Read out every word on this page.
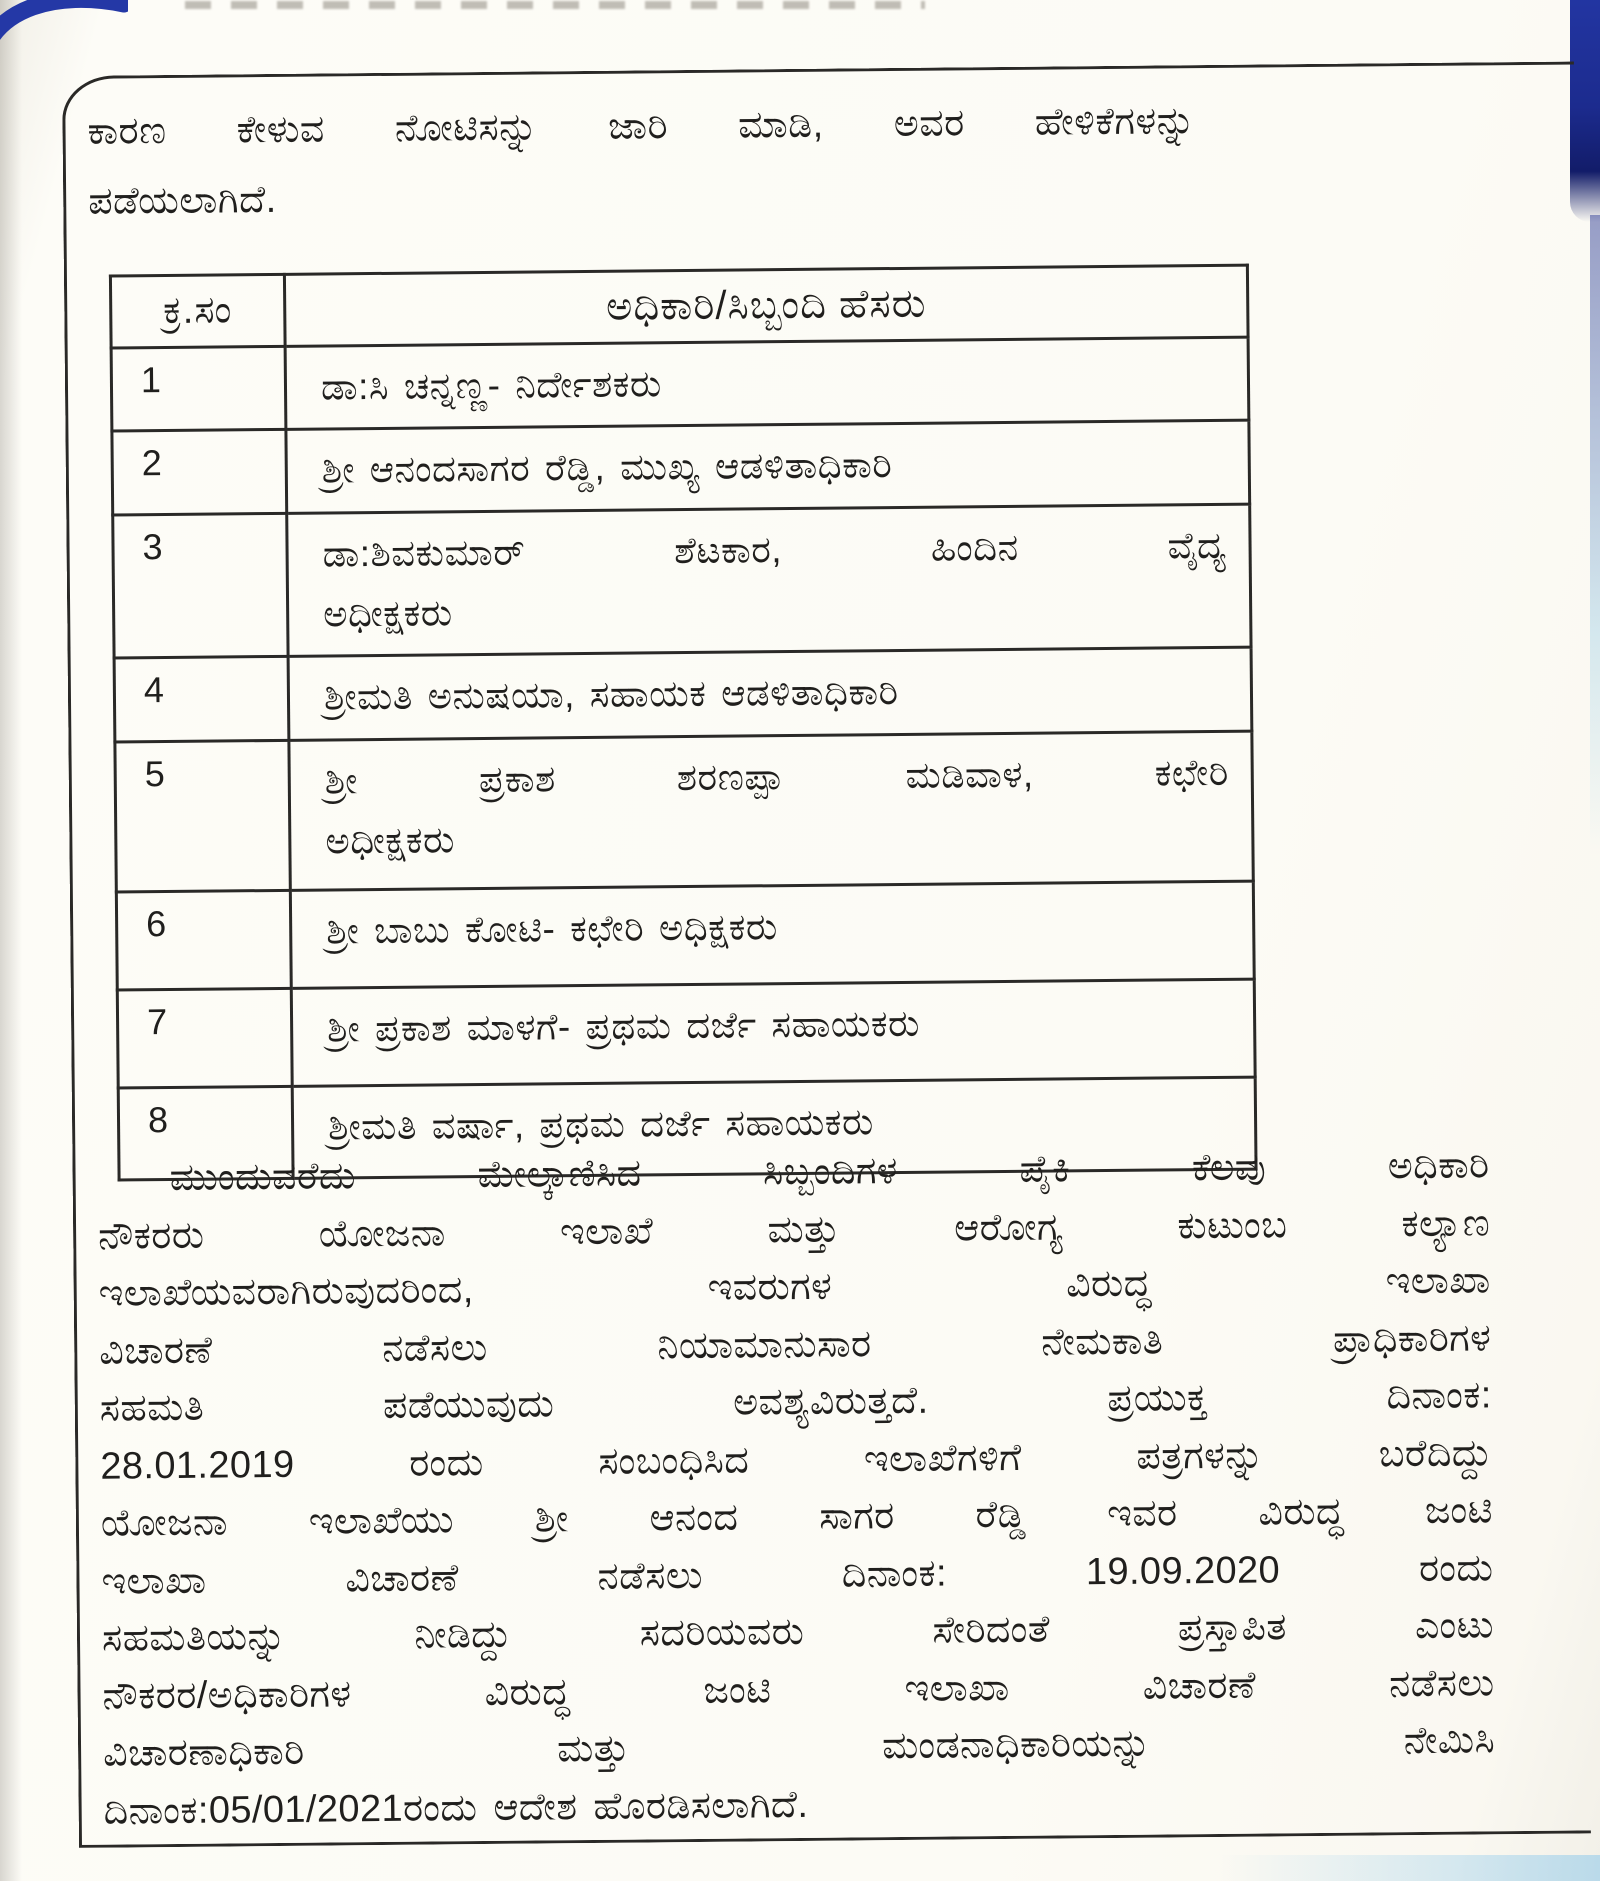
ಕಾರಣ ಕೇಳುವ ನೋಟಿಸನ್ನು ಜಾರಿ ಮಾಡಿ, ಅವರ ಹೇಳಿಕೆಗಳನ್ನು
ಪಡೆಯಲಾಗಿದೆ.
ಕ್ರ.ಸಂ	ಅಧಿಕಾರಿ/ಸಿಬ್ಬಂದಿ ಹೆಸರು
1	ಡಾ:ಸಿ ಚನ್ನಣ್ಣ- ನಿರ್ದೇಶಕರು

2	ಶ್ರೀ ಆನಂದಸಾಗರ ರೆಡ್ಡಿ, ಮುಖ್ಯ ಆಡಳಿತಾಧಿಕಾರಿ

3	ಡಾ:ಶಿವಕುಮಾರ್ ಶೆಟಕಾರ, ಹಿಂದಿನ ವೈದ್ಯ
ಅಧೀಕ್ಷಕರು

4	ಶ್ರೀಮತಿ ಅನುಷಯಾ, ಸಹಾಯಕ ಆಡಳಿತಾಧಿಕಾರಿ

5	ಶ್ರೀ ಪ್ರಕಾಶ ಶರಣಪ್ಪಾ ಮಡಿವಾಳ, ಕಛೇರಿ
ಅಧೀಕ್ಷಕರು

6	ಶ್ರೀ ಬಾಬು ಕೋಟಿ- ಕಛೇರಿ ಅಧಿಕ್ಷಕರು

7	ಶ್ರೀ ಪ್ರಕಾಶ ಮಾಳಗೆ- ಪ್ರಥಮ ದರ್ಜೆ ಸಹಾಯಕರು

8	ಶ್ರೀಮತಿ ವರ್ಷಾ, ಪ್ರಥಮ ದರ್ಜೆ ಸಹಾಯಕರು
ಮುಂದುವರೆದು ಮೇಲ್ಕಾಣಿಸಿದ ಸಿಬ್ಬಂದಿಗಳ ಪೈಕಿ ಕೆಲವು ಅಧಿಕಾರಿ
ನೌಕರರು ಯೋಜನಾ ಇಲಾಖೆ ಮತ್ತು ಆರೋಗ್ಯ ಕುಟುಂಬ ಕಲ್ಯಾಣ
ಇಲಾಖೆಯವರಾಗಿರುವುದರಿಂದ, ಇವರುಗಳ ವಿರುದ್ಧ ಇಲಾಖಾ
ವಿಚಾರಣೆ ನಡೆಸಲು ನಿಯಾಮಾನುಸಾರ ನೇಮಕಾತಿ ಪ್ರಾಧಿಕಾರಿಗಳ
ಸಹಮತಿ ಪಡೆಯುವುದು ಅವಶ್ಯವಿರುತ್ತದೆ. ಪ್ರಯುಕ್ತ ದಿನಾಂಕ:
28.01.2019 ರಂದು ಸಂಬಂಧಿಸಿದ ಇಲಾಖೆಗಳಿಗೆ ಪತ್ರಗಳನ್ನು ಬರೆದಿದ್ದು
ಯೋಜನಾ ಇಲಾಖೆಯು ಶ್ರೀ ಆನಂದ ಸಾಗರ ರೆಡ್ಡಿ ಇವರ ವಿರುದ್ಧ ಜಂಟಿ
ಇಲಾಖಾ ವಿಚಾರಣೆ ನಡೆಸಲು ದಿನಾಂಕ: 19.09.2020 ರಂದು
ಸಹಮತಿಯನ್ನು ನೀಡಿದ್ದು ಸದರಿಯವರು ಸೇರಿದಂತೆ ಪ್ರಸ್ತಾಪಿತ ಎಂಟು
ನೌಕರರ/ಅಧಿಕಾರಿಗಳ ವಿರುದ್ಧ ಜಂಟಿ ಇಲಾಖಾ ವಿಚಾರಣೆ ನಡೆಸಲು
ವಿಚಾರಣಾಧಿಕಾರಿ ಮತ್ತು ಮಂಡನಾಧಿಕಾರಿಯನ್ನು ನೇಮಿಸಿ
ದಿನಾಂಕ:05/01/2021ರಂದು ಆದೇಶ ಹೊರಡಿಸಲಾಗಿದೆ.
